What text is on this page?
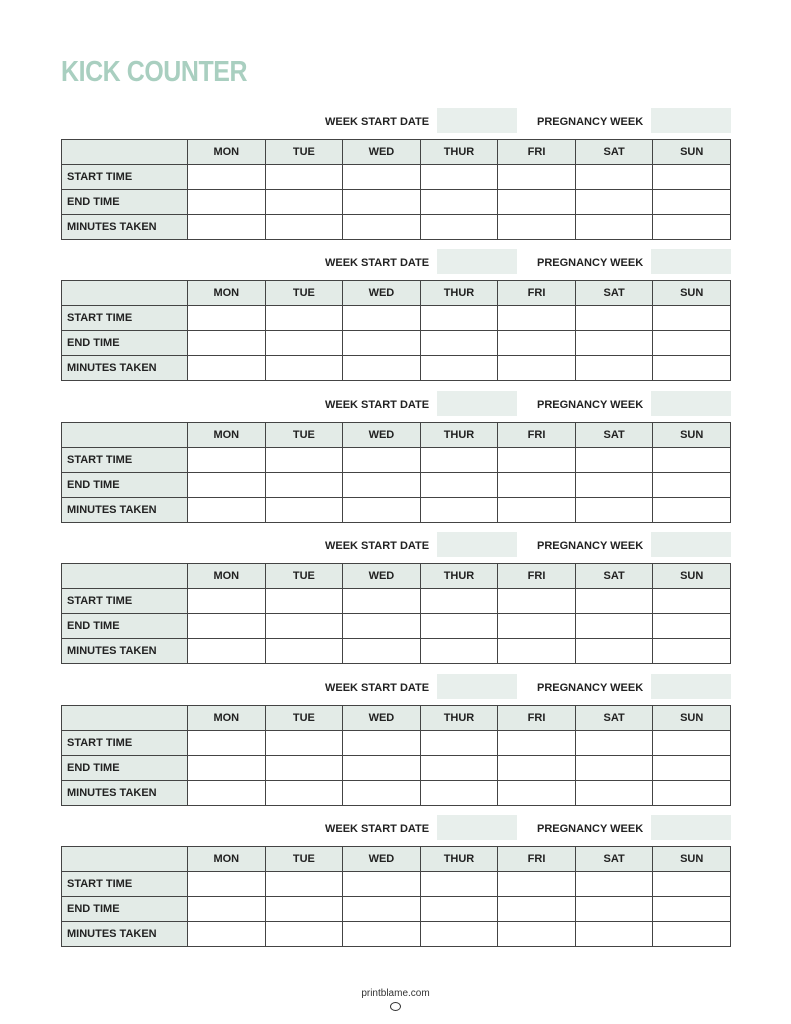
KICK COUNTER
WEEK START DATE	PREGNANCY WEEK
	MON	TUE	WED	THUR	FRI	SAT	SUN
START TIME							
END TIME							
MINUTES TAKEN							
WEEK START DATE	PREGNANCY WEEK
	MON	TUE	WED	THUR	FRI	SAT	SUN
START TIME							
END TIME							
MINUTES TAKEN							
WEEK START DATE	PREGNANCY WEEK
	MON	TUE	WED	THUR	FRI	SAT	SUN
START TIME							
END TIME							
MINUTES TAKEN							
WEEK START DATE	PREGNANCY WEEK
	MON	TUE	WED	THUR	FRI	SAT	SUN
START TIME							
END TIME							
MINUTES TAKEN							
WEEK START DATE	PREGNANCY WEEK
	MON	TUE	WED	THUR	FRI	SAT	SUN
START TIME							
END TIME							
MINUTES TAKEN							
WEEK START DATE	PREGNANCY WEEK
	MON	TUE	WED	THUR	FRI	SAT	SUN
START TIME							
END TIME							
MINUTES TAKEN							
printblame.com
